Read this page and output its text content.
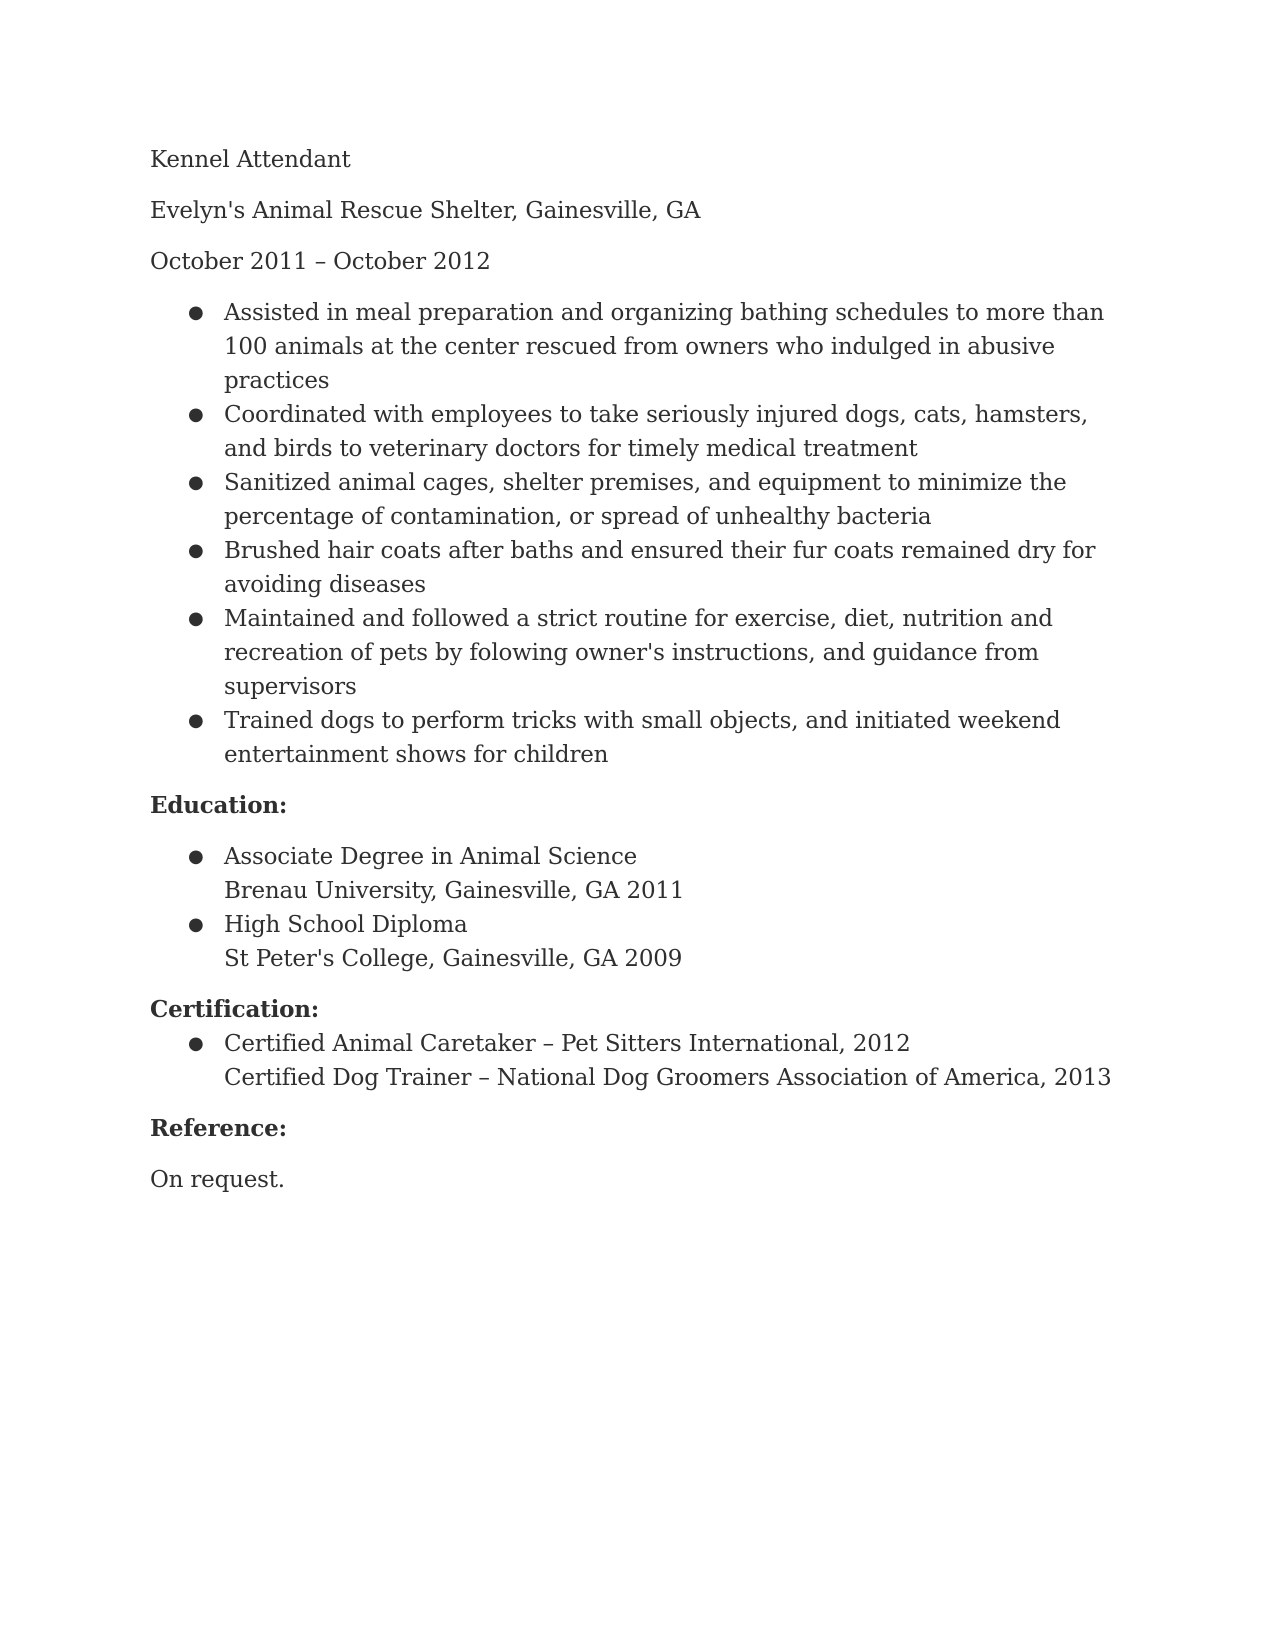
Kennel Attendant

Evelyn's Animal Rescue Shelter, Gainesville, GA

October 2011 – October 2012

● Assisted in meal preparation and organizing bathing schedules to more than 100 animals at the center rescued from owners who indulged in abusive practices
● Coordinated with employees to take seriously injured dogs, cats, hamsters, and birds to veterinary doctors for timely medical treatment
● Sanitized animal cages, shelter premises, and equipment to minimize the percentage of contamination, or spread of unhealthy bacteria
● Brushed hair coats after baths and ensured their fur coats remained dry for avoiding diseases
● Maintained and followed a strict routine for exercise, diet, nutrition and recreation of pets by folowing owner's instructions, and guidance from supervisors
● Trained dogs to perform tricks with small objects, and initiated weekend entertainment shows for children

Education:

● Associate Degree in Animal Science
Brenau University, Gainesville, GA 2011
● High School Diploma
St Peter's College, Gainesville, GA 2009

Certification:

● Certified Animal Caretaker – Pet Sitters International, 2012
Certified Dog Trainer – National Dog Groomers Association of America, 2013

Reference:

On request.
